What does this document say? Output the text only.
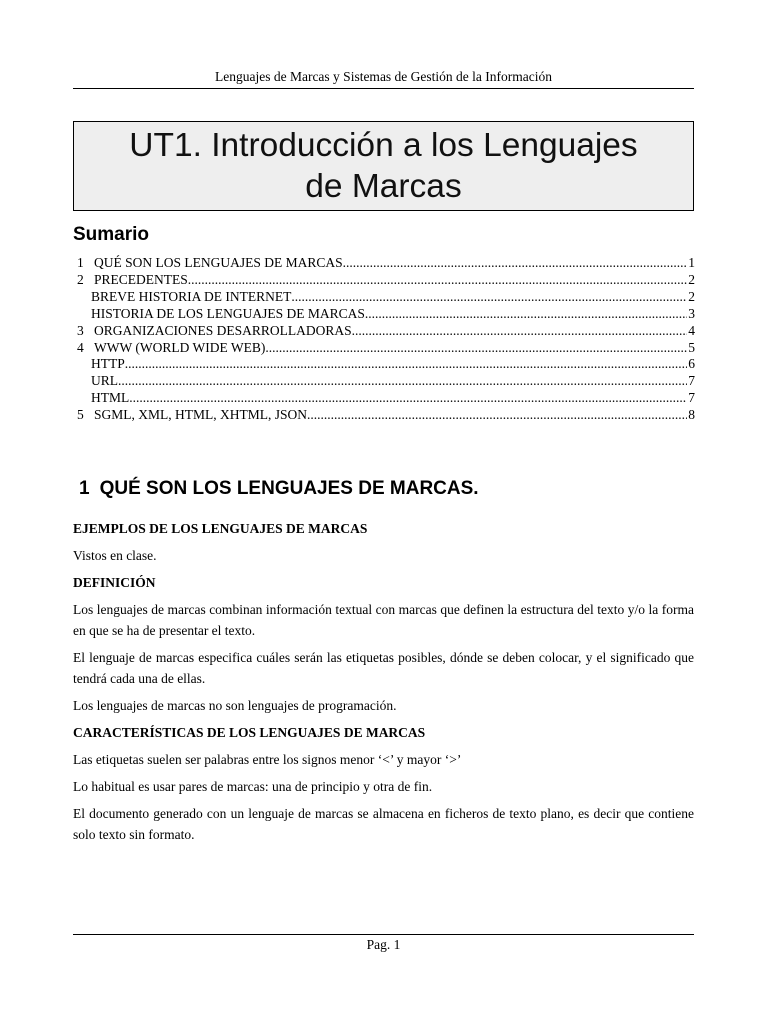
Lenguajes de Marcas y Sistemas de Gestión de la Información
UT1. Introducción a los Lenguajes
de Marcas
Sumario
1 QUÉ SON LOS LENGUAJES DE MARCAS .....	1
2 PRECEDENTES .....	2
BREVE HISTORIA DE INTERNET .....	2
HISTORIA DE LOS LENGUAJES DE MARCAS .....	3
3 ORGANIZACIONES DESARROLLADORAS .....	4
4 WWW (WORLD WIDE WEB) .....	5
HTTP .....	6
URL .....	7
HTML .....	7
5 SGML, XML, HTML, XHTML, JSON .....	8
1 QUÉ SON LOS LENGUAJES DE MARCAS.
EJEMPLOS DE LOS LENGUAJES DE MARCAS

Vistos en clase.

DEFINICIÓN

Los lenguajes de marcas combinan información textual con marcas que definen la estructura del texto y/o la forma en que se ha de presentar el texto.

El lenguaje de marcas especifica cuáles serán las etiquetas posibles, dónde se deben colocar, y el significado que tendrá cada una de ellas.

Los lenguajes de marcas no son lenguajes de programación.

CARACTERÍSTICAS DE LOS LENGUAJES DE MARCAS

Las etiquetas suelen ser palabras entre los signos menor ‘<’ y mayor ‘>’

Lo habitual es usar pares de marcas: una de principio y otra de fin.

El documento generado con un lenguaje de marcas se almacena en ficheros de texto plano, es decir que contiene solo texto sin formato.

Pag. 1
